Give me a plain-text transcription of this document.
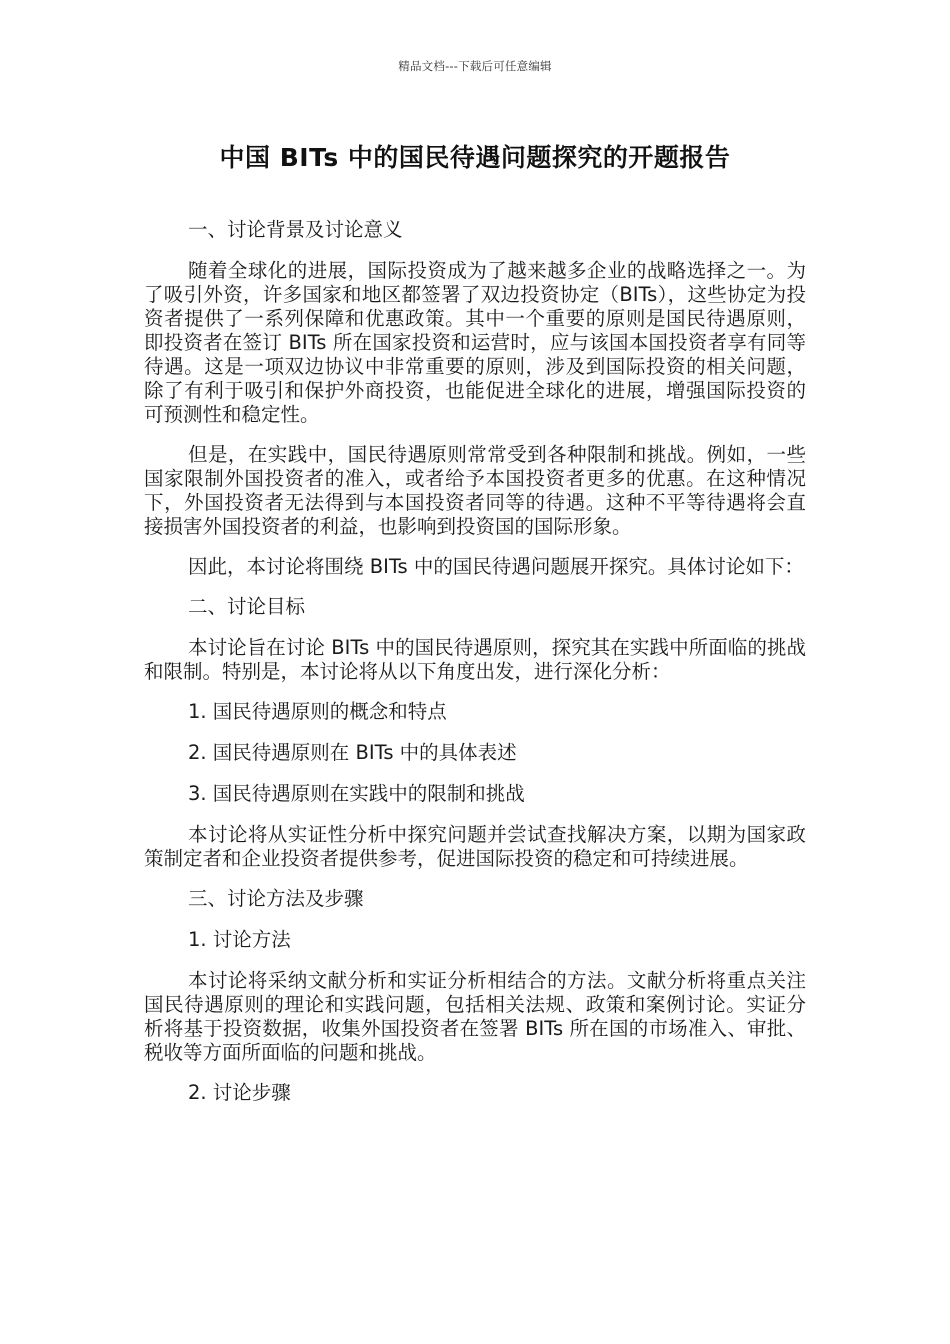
精品文档---下载后可任意编辑
中国 BITs 中的国民待遇问题探究的开题报告
一、讨论背景及讨论意义

随着全球化的进展，国际投资成为了越来越多企业的战略选择之一。为了吸引外资，许多国家和地区都签署了双边投资协定（BITs），这些协定为投资者提供了一系列保障和优惠政策。其中一个重要的原则是国民待遇原则，即投资者在签订 BITs 所在国家投资和运营时，应与该国本国投资者享有同等待遇。这是一项双边协议中非常重要的原则，涉及到国际投资的相关问题，除了有利于吸引和保护外商投资，也能促进全球化的进展，增强国际投资的可预测性和稳定性。

但是，在实践中，国民待遇原则常常受到各种限制和挑战。例如，一些国家限制外国投资者的准入，或者给予本国投资者更多的优惠。在这种情况下，外国投资者无法得到与本国投资者同等的待遇。这种不平等待遇将会直接损害外国投资者的利益，也影响到投资国的国际形象。

因此，本讨论将围绕 BITs 中的国民待遇问题展开探究。具体讨论如下：

二、讨论目标

本讨论旨在讨论 BITs 中的国民待遇原则，探究其在实践中所面临的挑战和限制。特别是，本讨论将从以下角度出发，进行深化分析：

1. 国民待遇原则的概念和特点
2. 国民待遇原则在 BITs 中的具体表述
3. 国民待遇原则在实践中的限制和挑战

本讨论将从实证性分析中探究问题并尝试查找解决方案，以期为国家政策制定者和企业投资者提供参考，促进国际投资的稳定和可持续进展。

三、讨论方法及步骤
1. 讨论方法

本讨论将采纳文献分析和实证分析相结合的方法。文献分析将重点关注国民待遇原则的理论和实践问题，包括相关法规、政策和案例讨论。实证分析将基于投资数据，收集外国投资者在签署 BITs 所在国的市场准入、审批、税收等方面所面临的问题和挑战。

2. 讨论步骤
